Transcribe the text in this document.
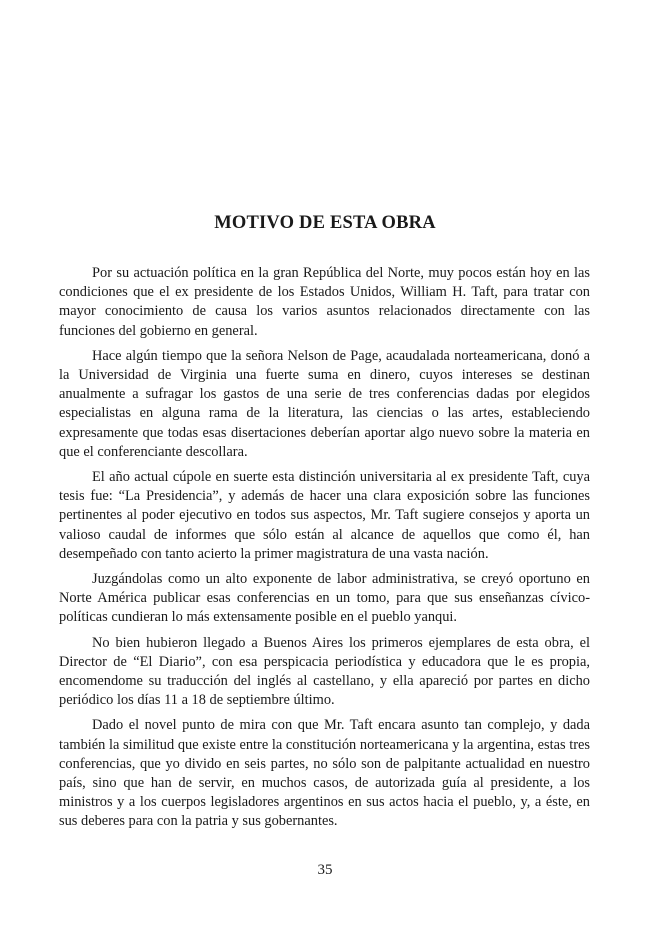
MOTIVO DE ESTA OBRA

Por su actuación política en la gran República del Norte, muy pocos están hoy en las condiciones que el ex presidente de los Estados Unidos, William H. Taft, para tratar con mayor conocimiento de causa los varios asuntos relacionados directamente con las funciones del gobierno en general.

Hace algún tiempo que la señora Nelson de Page, acaudalada norteamericana, donó a la Universidad de Virginia una fuerte suma en dinero, cuyos intereses se destinan anualmente a sufragar los gastos de una serie de tres conferencias dadas por elegidos especialistas en alguna rama de la literatura, las ciencias o las artes, estableciendo expresamente que todas esas disertaciones deberían aportar algo nuevo sobre la materia en que el conferenciante descollara.

El año actual cúpole en suerte esta distinción universitaria al ex presidente Taft, cuya tesis fue: “La Presidencia”, y además de hacer una clara exposición sobre las funciones pertinentes al poder ejecutivo en todos sus aspectos, Mr. Taft sugiere consejos y aporta un valioso caudal de informes que sólo están al alcance de aquellos que como él, han desempeñado con tanto acierto la primer magistratura de una vasta nación.

Juzgándolas como un alto exponente de labor administrativa, se creyó oportuno en Norte América publicar esas conferencias en un tomo, para que sus enseñanzas cívico-políticas cundieran lo más extensamente posible en el pueblo yanqui.

No bien hubieron llegado a Buenos Aires los primeros ejemplares de esta obra, el Director de “El Diario”, con esa perspicacia periodística y educadora que le es propia, encomendome su traducción del inglés al castellano, y ella apareció por partes en dicho periódico los días 11 a 18 de septiembre último.

Dado el novel punto de mira con que Mr. Taft encara asunto tan complejo, y dada también la similitud que existe entre la constitución norteamericana y la argentina, estas tres conferencias, que yo divido en seis partes, no sólo son de palpitante actualidad en nuestro país, sino que han de servir, en muchos casos, de autorizada guía al presidente, a los ministros y a los cuerpos legisladores argentinos en sus actos hacia el pueblo, y, a éste, en sus deberes para con la patria y sus gobernantes.

35
